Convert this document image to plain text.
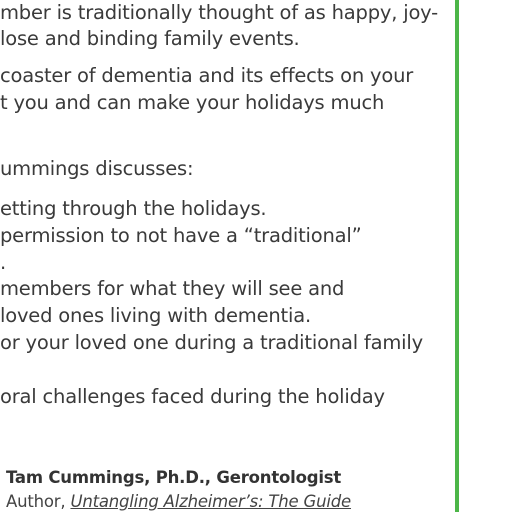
mber is traditionally thought of as happy, joy-
lose and binding family events.
coaster of dementia and its effects on your
t you and can make your holidays much
ummings discusses:
etting through the holidays.
permission to not have a “traditional”
.
members for what they will see and
loved ones living with dementia.
or your loved one during a traditional family
oral challenges faced during the holiday
Tam Cummings, Ph.D., Gerontologist
Author, Untangling Alzheimer’s: The Guide
